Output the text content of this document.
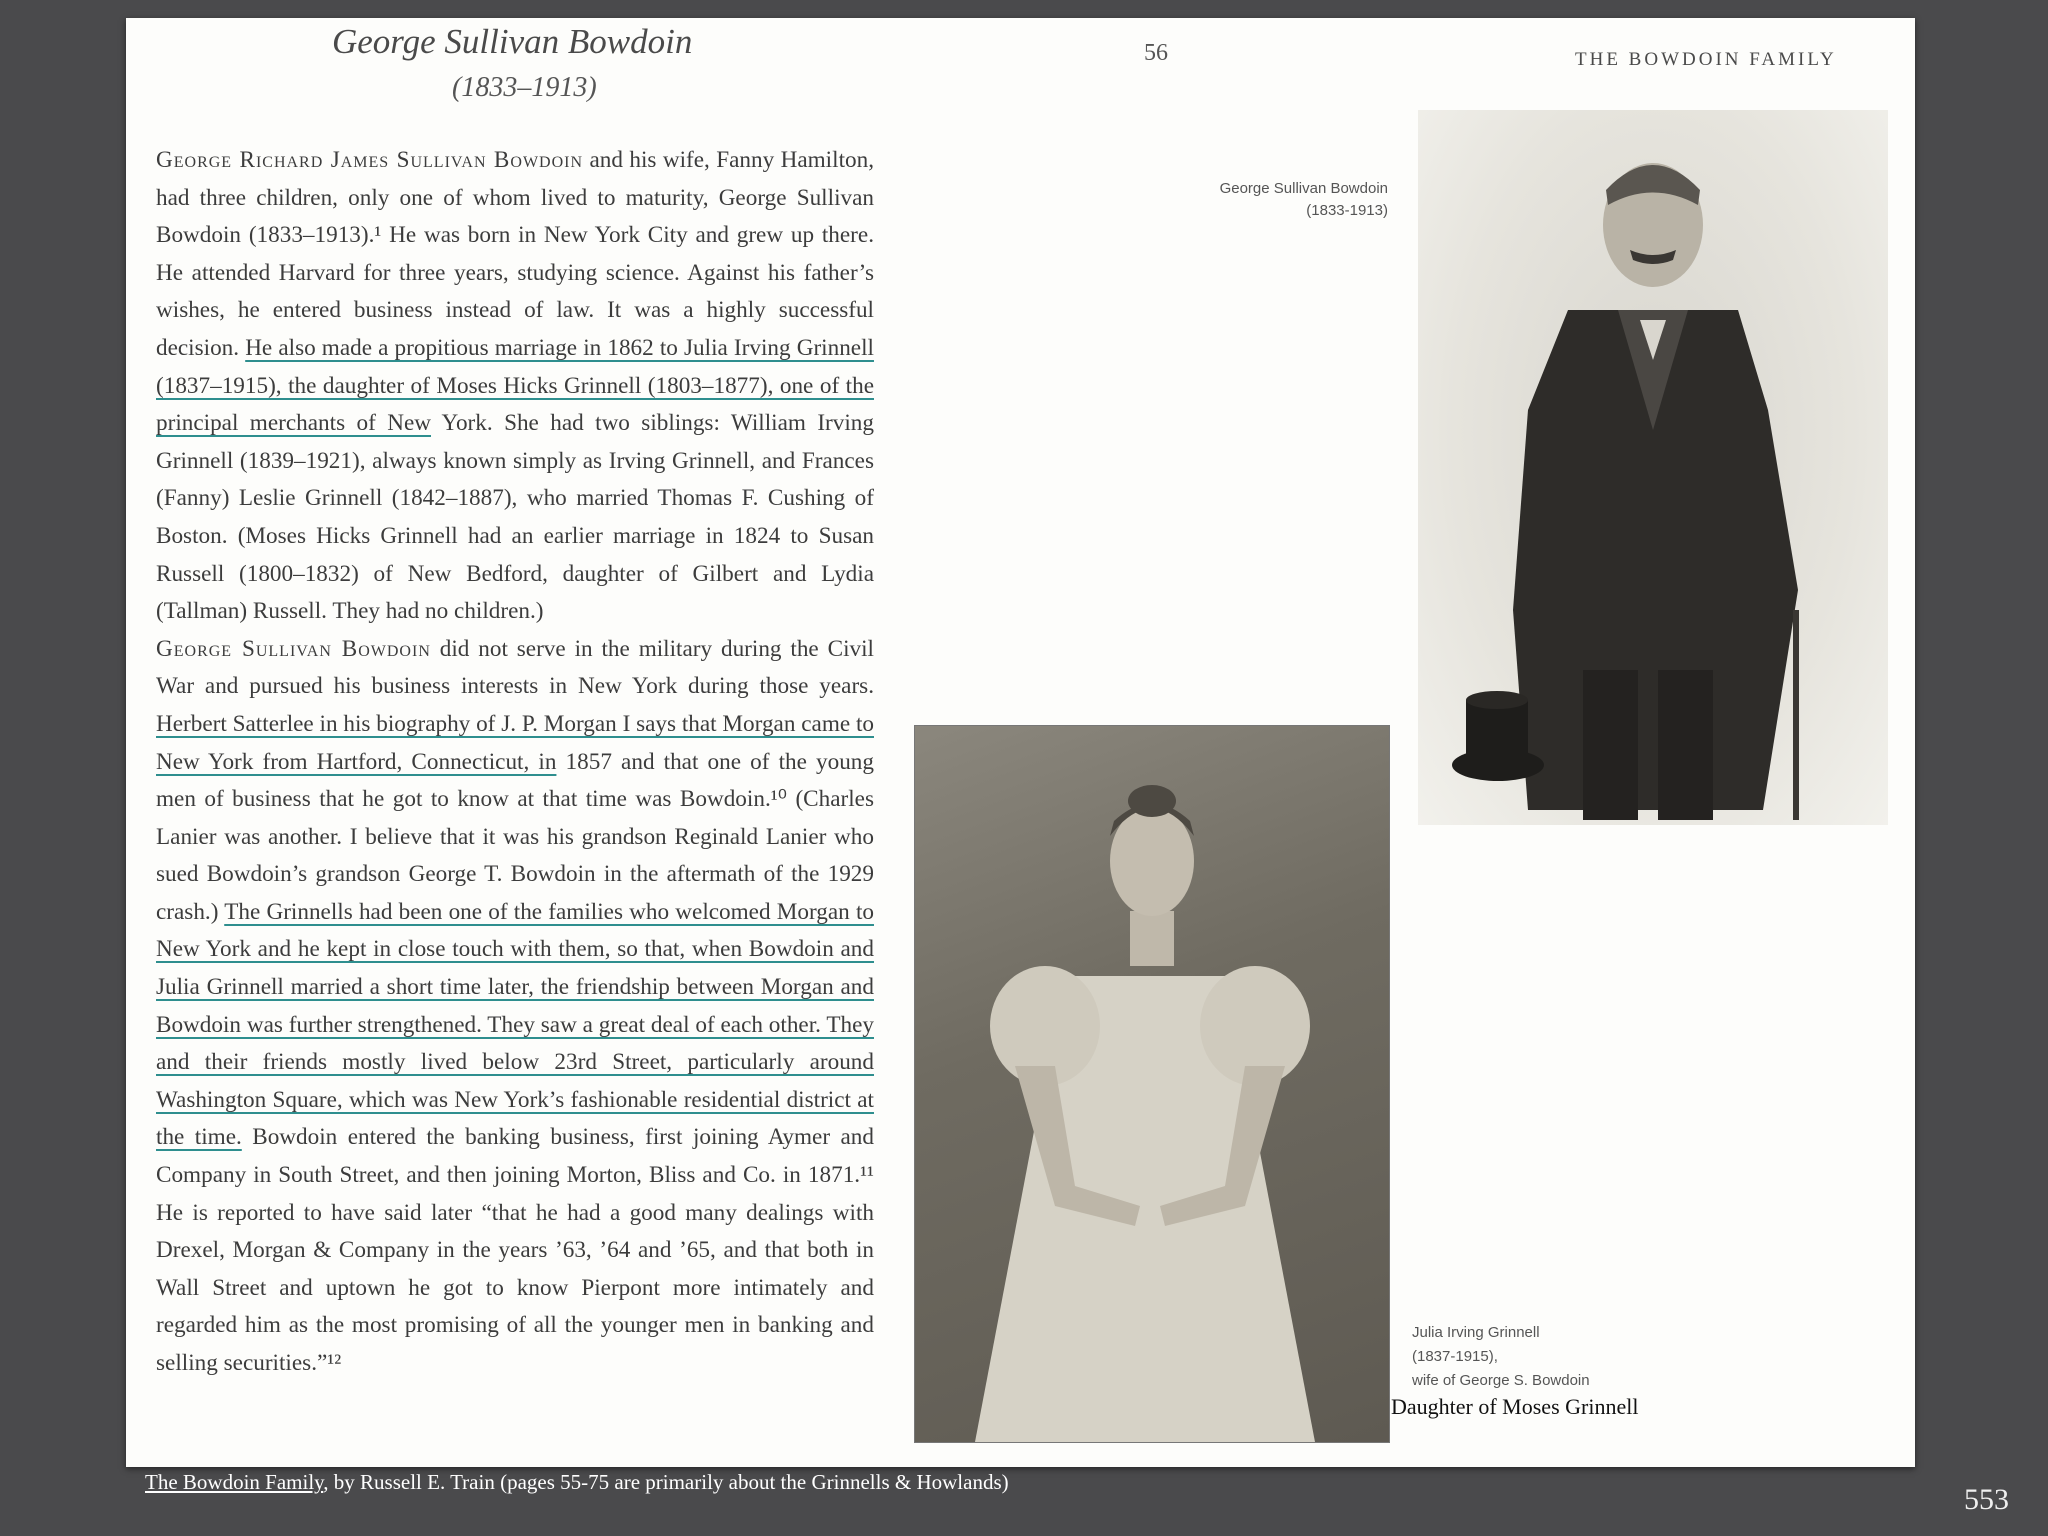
George Sullivan Bowdoin
(1833–1913)
56	THE BOWDOIN FAMILY

George Richard James Sullivan Bowdoin and his wife, Fanny Hamilton, had three children, only one of whom lived to maturity, George Sullivan Bowdoin (1833–1913).¹ He was born in New York City and grew up there. He attended Harvard for three years, studying science. Against his father’s wishes, he entered business instead of law. It was a highly successful decision. He also made a propitious marriage in 1862 to Julia Irving Grinnell (1837–1915), the daughter of Moses Hicks Grinnell (1803–1877), one of the principal merchants of New York. She had two siblings: William Irving Grinnell (1839–1921), always known simply as Irving Grinnell, and Frances (Fanny) Leslie Grinnell (1842–1887), who married Thomas F. Cushing of Boston. (Moses Hicks Grinnell had an earlier marriage in 1824 to Susan Russell (1800–1832) of New Bedford, daughter of Gilbert and Lydia (Tallman) Russell. They had no children.)

George Sullivan Bowdoin did not serve in the military during the Civil War and pursued his business interests in New York during those years. Herbert Satterlee in his biography of J. P. Morgan I says that Morgan came to New York from Hartford, Connecticut, in 1857 and that one of the young men of business that he got to know at that time was Bowdoin.¹⁰ (Charles Lanier was another. I believe that it was his grandson Reginald Lanier who sued Bowdoin’s grandson George T. Bowdoin in the aftermath of the 1929 crash.) The Grinnells had been one of the families who welcomed Morgan to New York and he kept in close touch with them, so that, when Bowdoin and Julia Grinnell married a short time later, the friendship between Morgan and Bowdoin was further strengthened. They saw a great deal of each other. They and their friends mostly lived below 23rd Street, particularly around Washington Square, which was New York’s fashionable residential district at the time. Bowdoin entered the banking business, first joining Aymer and Company in South Street, and then joining Morton, Bliss and Co. in 1871.¹¹ He is reported to have said later “that he had a good many dealings with Drexel, Morgan & Company in the years ’63, ’64 and ’65, and that both in Wall Street and uptown he got to know Pierpont more intimately and regarded him as the most promising of all the younger men in banking and selling securities.”¹²

George Sullivan Bowdoin
(1833-1913)
Julia Irving Grinnell
(1837-1915),
wife of George S. Bowdoin
Daughter of Moses Grinnell
The Bowdoin Family, by Russell E. Train (pages 55-75 are primarily about the Grinnells & Howlands)
553
